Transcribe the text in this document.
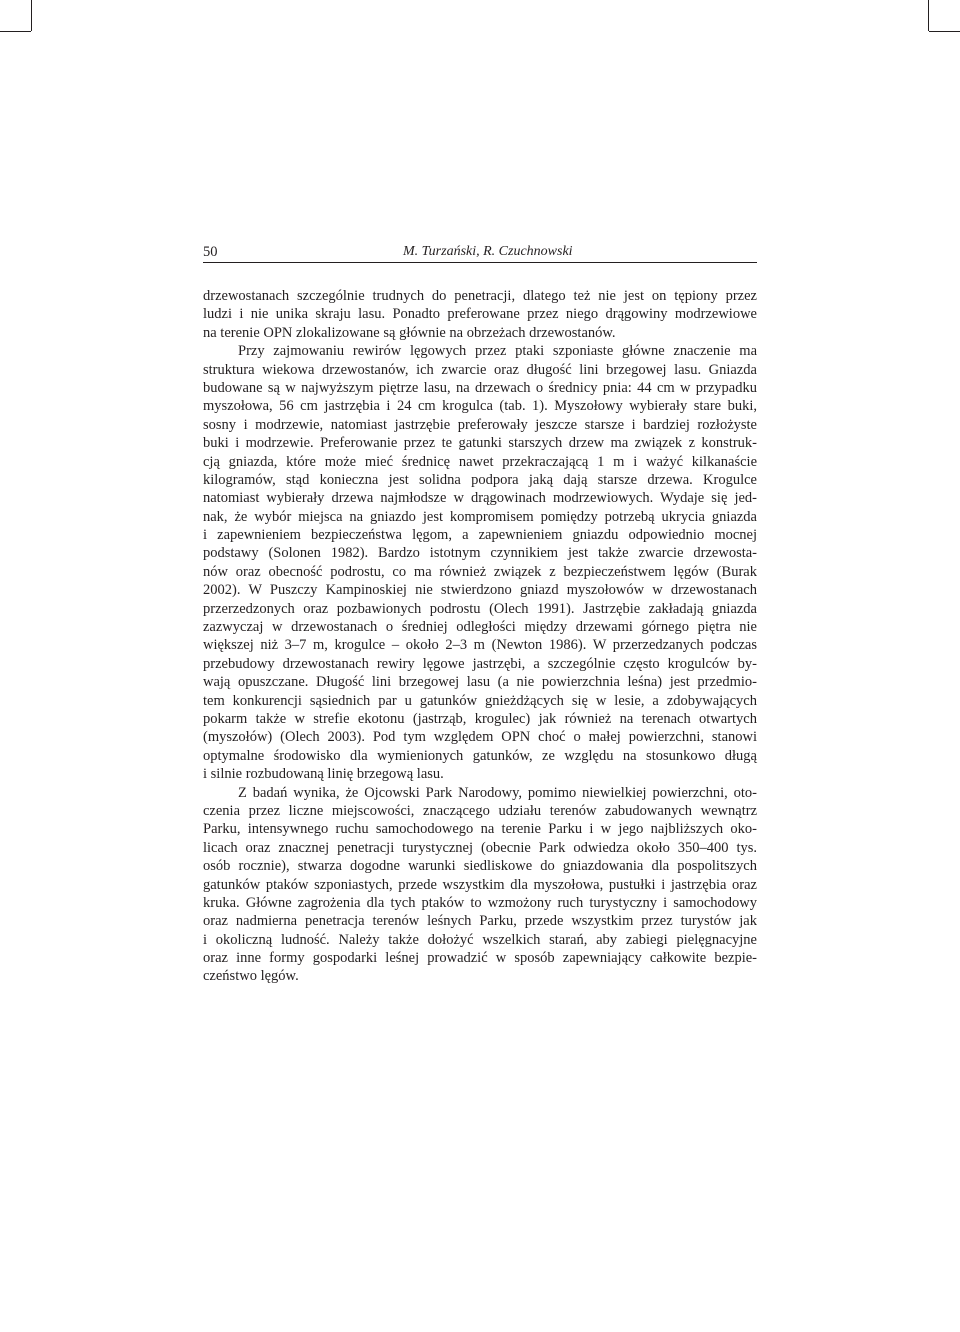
50	M. Turzański, R. Czuchnowski
drzewostanach szczególnie trudnych do penetracji, dlatego też nie jest on tępiony przez
ludzi i nie unika skraju lasu. Ponadto preferowane przez niego drągowiny modrzewiowe
na terenie OPN zlokalizowane są głównie na obrzeżach drzewostanów.
Przy zajmowaniu rewirów lęgowych przez ptaki szponiaste główne znaczenie ma
struktura wiekowa drzewostanów, ich zwarcie oraz długość lini brzegowej lasu. Gniazda
budowane są w najwyższym piętrze lasu, na drzewach o średnicy pnia: 44 cm w przypadku
myszołowa, 56 cm jastrzębia i 24 cm krogulca (tab. 1). Myszołowy wybierały stare buki,
sosny i modrzewie, natomiast jastrzębie preferowały jeszcze starsze i bardziej rozłożyste
buki i modrzewie. Preferowanie przez te gatunki starszych drzew ma związek z konstruk-
cją gniazda, które może mieć średnicę nawet przekraczającą 1 m i ważyć kilkanaście
kilogramów, stąd konieczna jest solidna podpora jaką dają starsze drzewa. Krogulce
natomiast wybierały drzewa najmłodsze w drągowinach modrzewiowych. Wydaje się jed-
nak, że wybór miejsca na gniazdo jest kompromisem pomiędzy potrzebą ukrycia gniazda
i zapewnieniem bezpieczeństwa lęgom, a zapewnieniem gniazdu odpowiednio mocnej
podstawy (Solonen 1982). Bardzo istotnym czynnikiem jest także zwarcie drzewosta-
nów oraz obecność podrostu, co ma również związek z bezpieczeństwem lęgów (Burak
2002). W Puszczy Kampinoskiej nie stwierdzono gniazd myszołowów w drzewostanach
przerzedzonych oraz pozbawionych podrostu (Olech 1991). Jastrzębie zakładają gniazda
zazwyczaj w drzewostanach o średniej odległości między drzewami górnego piętra nie
większej niż 3–7 m, krogulce – około 2–3 m (Newton 1986). W przerzedzanych podczas
przebudowy drzewostanach rewiry lęgowe jastrzębi, a szczególnie często krogulców by-
wają opuszczane. Długość lini brzegowej lasu (a nie powierzchnia leśna) jest przedmio-
tem konkurencji sąsiednich par u gatunków gnieżdżących się w lesie, a zdobywających
pokarm także w strefie ekotonu (jastrząb, krogulec) jak również na terenach otwartych
(myszołów) (Olech 2003). Pod tym względem OPN choć o małej powierzchni, stanowi
optymalne środowisko dla wymienionych gatunków, ze względu na stosunkowo długą
i silnie rozbudowaną linię brzegową lasu.
Z badań wynika, że Ojcowski Park Narodowy, pomimo niewielkiej powierzchni, oto-
czenia przez liczne miejscowości, znaczącego udziału terenów zabudowanych wewnątrz
Parku, intensywnego ruchu samochodowego na terenie Parku i w jego najbliższych oko-
licach oraz znacznej penetracji turystycznej (obecnie Park odwiedza około 350–400 tys.
osób rocznie), stwarza dogodne warunki siedliskowe do gniazdowania dla pospolitszych
gatunków ptaków szponiastych, przede wszystkim dla myszołowa, pustułki i jastrzębia oraz
kruka. Główne zagrożenia dla tych ptaków to wzmożony ruch turystyczny i samochodowy
oraz nadmierna penetracja terenów leśnych Parku, przede wszystkim przez turystów jak
i okoliczną ludność. Należy także dołożyć wszelkich starań, aby zabiegi pielęgnacyjne
oraz inne formy gospodarki leśnej prowadzić w sposób zapewniający całkowite bezpie-
czeństwo lęgów.
